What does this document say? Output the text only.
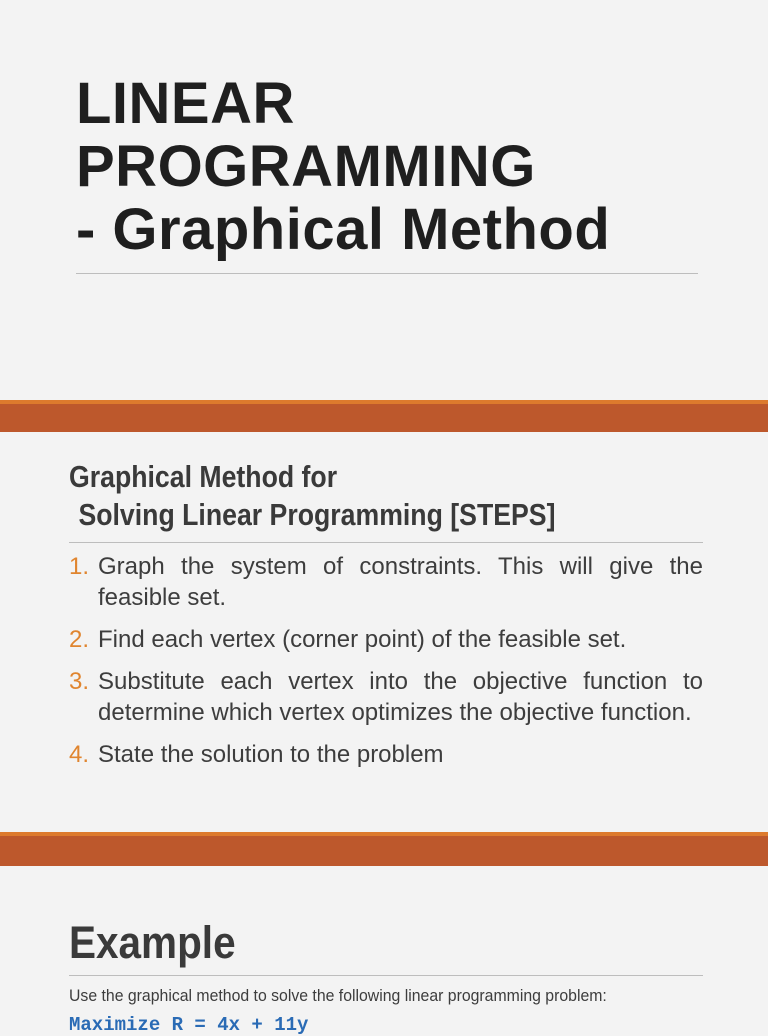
LINEAR
PROGRAMMING
- Graphical Method
Graphical Method for
Solving Linear Programming [STEPS]
1. Graph the system of constraints. This will give the feasible set.
2. Find each vertex (corner point) of the feasible set.
3. Substitute each vertex into the objective function to determine which vertex optimizes the objective function.
4. State the solution to the problem
Example
Use the graphical method to solve the following linear programming problem:
Maximize R = 4x + 11y
